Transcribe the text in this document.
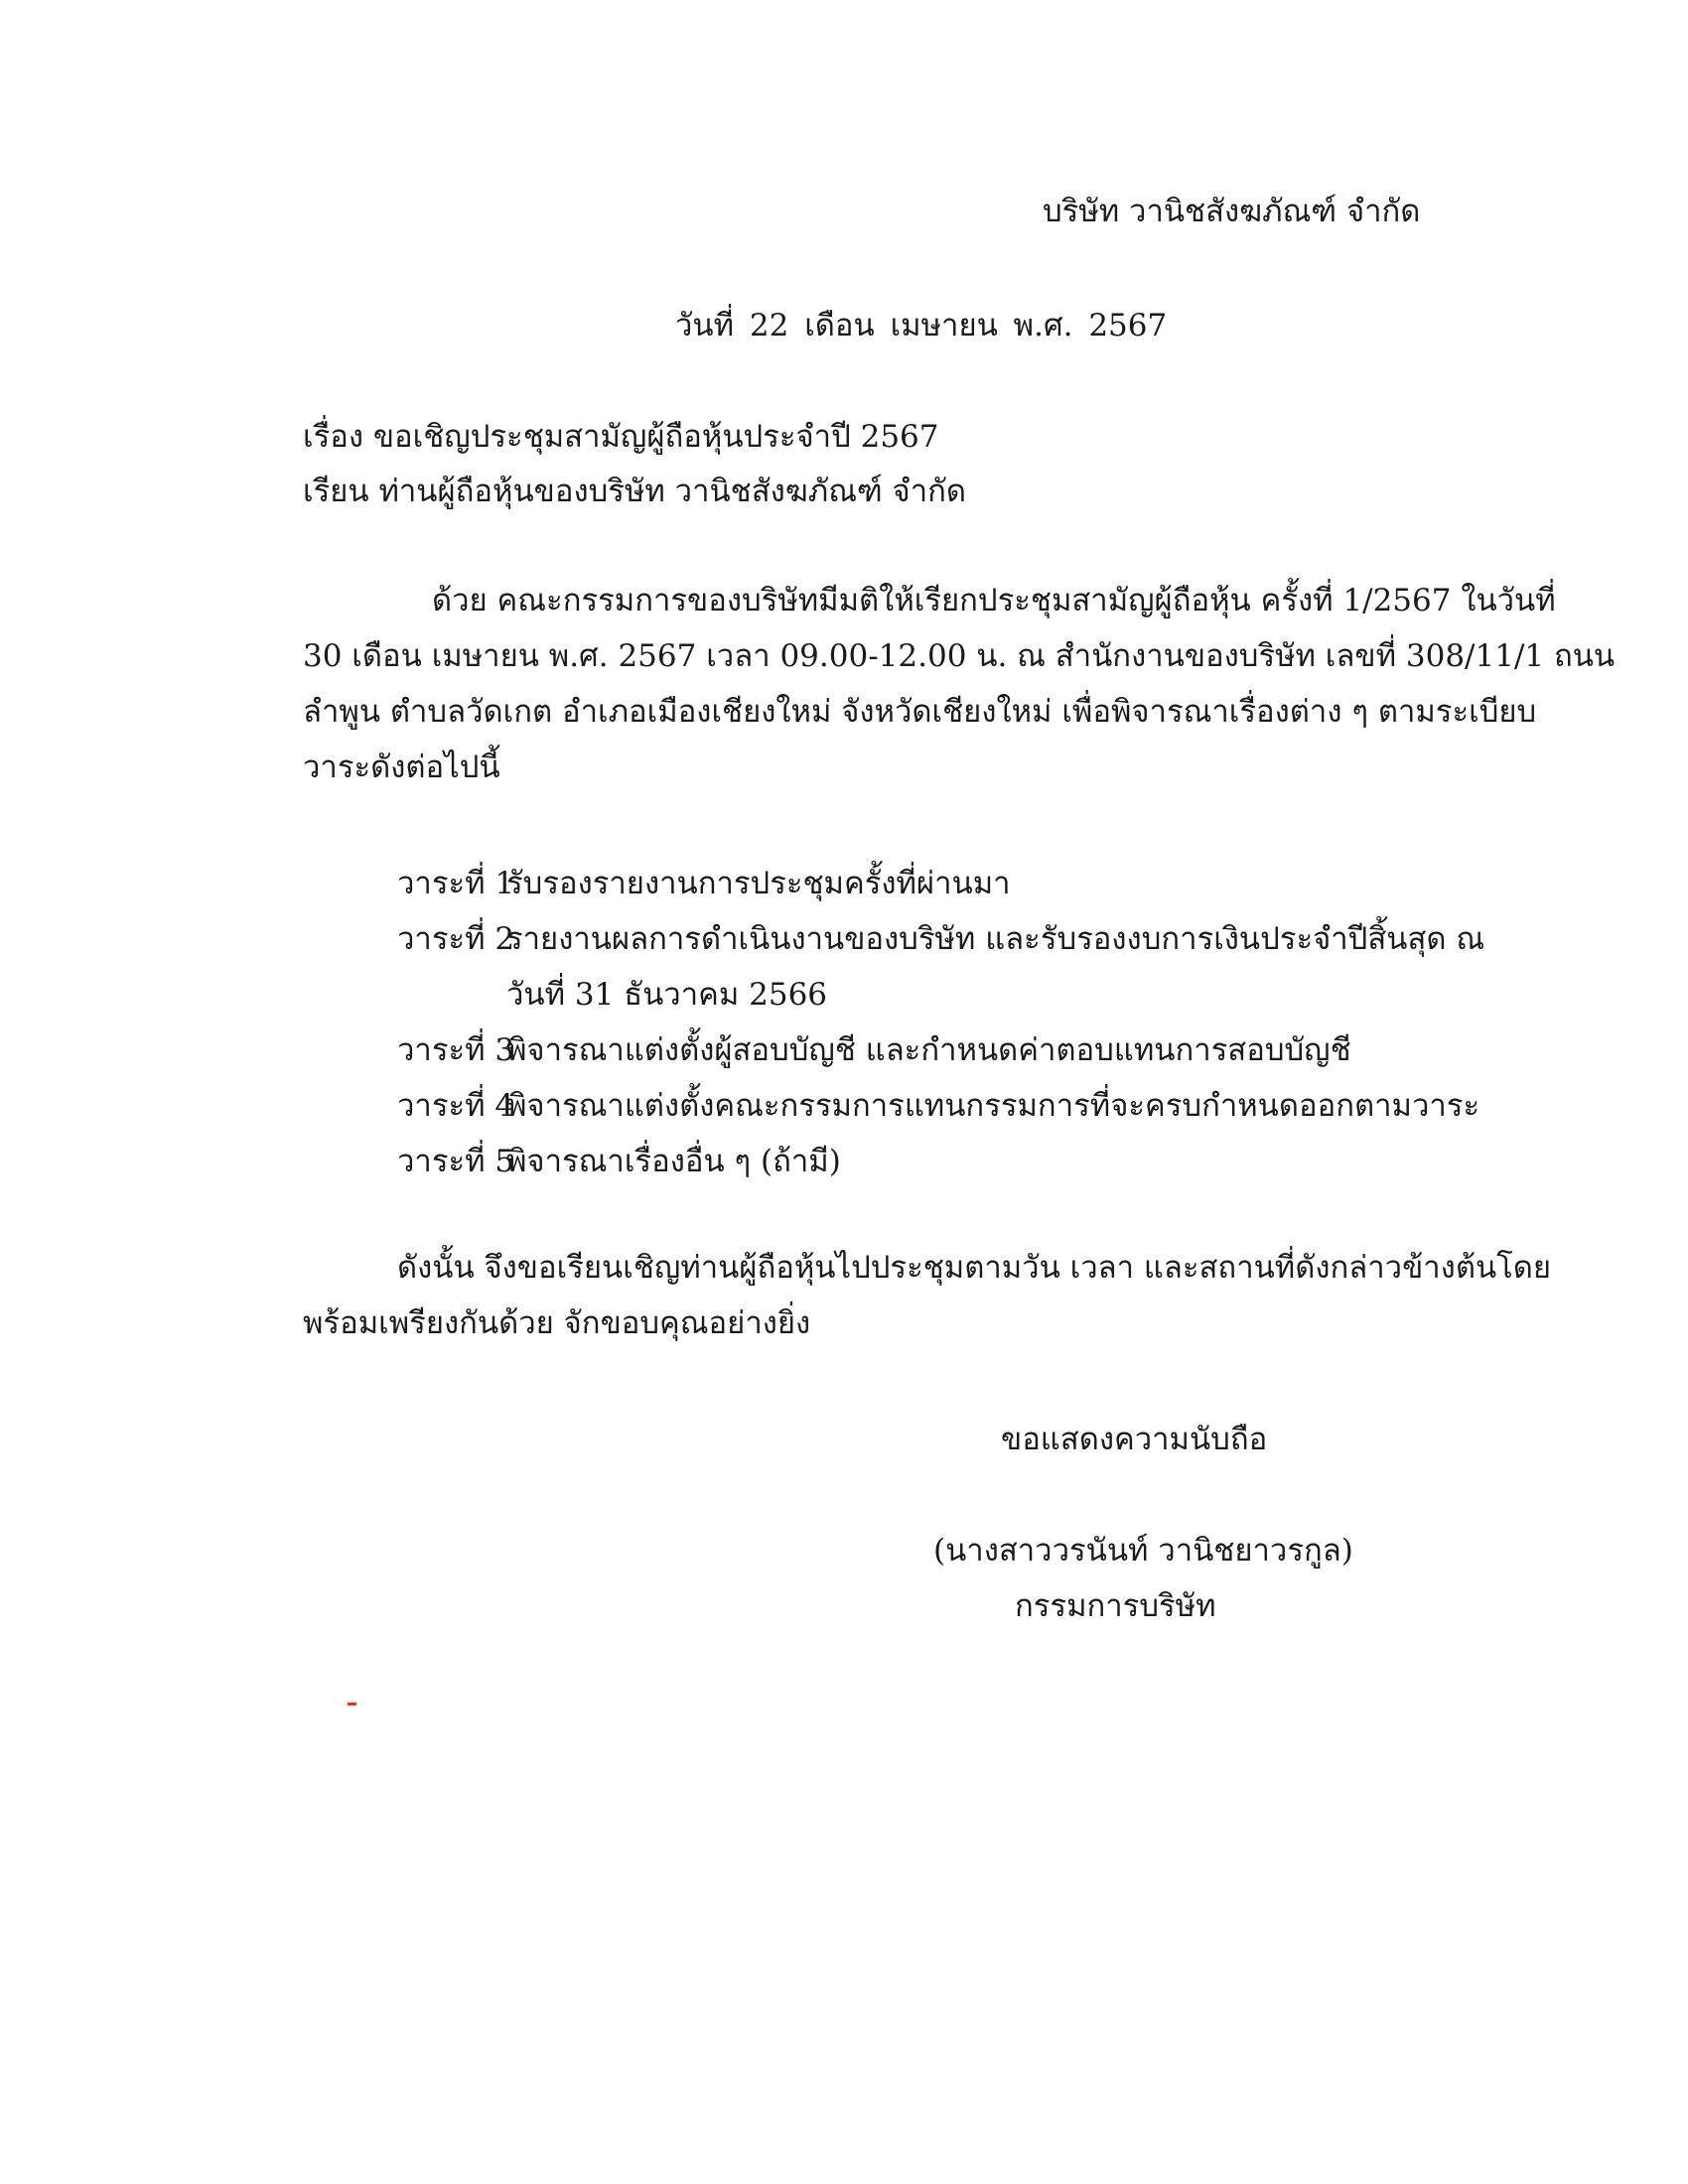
บริษัท วานิชสังฆภัณฑ์ จำกัด
วันที่ 22 เดือน เมษายน พ.ศ. 2567
เรื่อง ขอเชิญประชุมสามัญผู้ถือหุ้นประจำปี 2567
เรียน ท่านผู้ถือหุ้นของบริษัท วานิชสังฆภัณฑ์ จำกัด
ด้วย คณะกรรมการของบริษัทมีมติให้เรียกประชุมสามัญผู้ถือหุ้น ครั้งที่ 1/2567 ในวันที่
30 เดือน เมษายน พ.ศ. 2567 เวลา 09.00-12.00 น. ณ สำนักงานของบริษัท เลขที่ 308/11/1 ถนน
ลำพูน ตำบลวัดเกต อำเภอเมืองเชียงใหม่ จังหวัดเชียงใหม่ เพื่อพิจารณาเรื่องต่าง ๆ ตามระเบียบ
วาระดังต่อไปนี้
วาระที่ 1
รับรองรายงานการประชุมครั้งที่ผ่านมา
วาระที่ 2
รายงานผลการดำเนินงานของบริษัท และรับรองงบการเงินประจำปีสิ้นสุด ณ
วันที่ 31 ธันวาคม 2566
วาระที่ 3
พิจารณาแต่งตั้งผู้สอบบัญชี และกำหนดค่าตอบแทนการสอบบัญชี
วาระที่ 4
พิจารณาแต่งตั้งคณะกรรมการแทนกรรมการที่จะครบกำหนดออกตามวาระ
วาระที่ 5
พิจารณาเรื่องอื่น ๆ (ถ้ามี)
ดังนั้น จึงขอเรียนเชิญท่านผู้ถือหุ้นไปประชุมตามวัน เวลา และสถานที่ดังกล่าวข้างต้นโดย
พร้อมเพรียงกันด้วย จักขอบคุณอย่างยิ่ง
ขอแสดงความนับถือ
(นางสาววรนันท์ วานิชยาวรกูล)
กรรมการบริษัท
